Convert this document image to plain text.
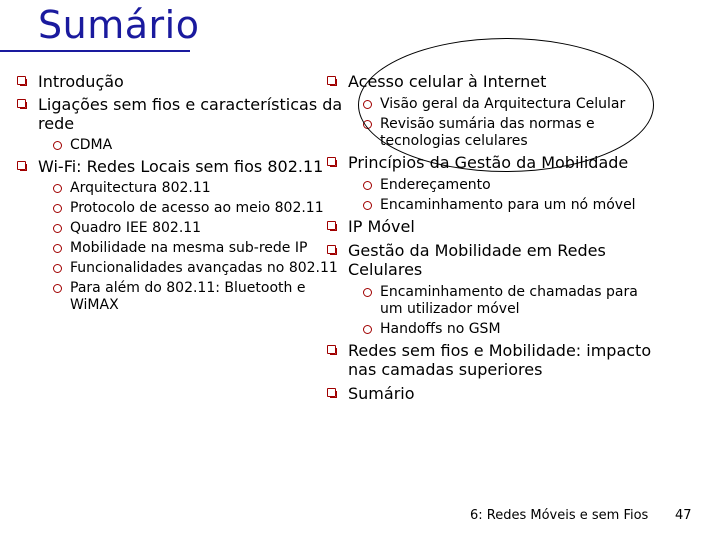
Sumário
Introdução
Ligações sem fios e características da rede
CDMA
Wi-Fi: Redes Locais sem fios 802.11
Arquitectura 802.11
Protocolo de acesso ao meio 802.11
Quadro IEE 802.11
Mobilidade na mesma sub-rede IP
Funcionalidades avançadas no 802.11
Para além do 802.11: Bluetooth e WiMAX
Acesso celular à Internet
Visão geral da Arquitectura Celular
Revisão sumária das normas e tecnologias celulares
Princípios da Gestão da Mobilidade
Endereçamento
Encaminhamento para um nó móvel
IP Móvel
Gestão da Mobilidade em Redes Celulares
Encaminhamento de chamadas para um utilizador móvel
Handoffs no GSM
Redes sem fios e Mobilidade: impacto nas camadas superiores
Sumário
6: Redes Móveis e sem Fios 47
